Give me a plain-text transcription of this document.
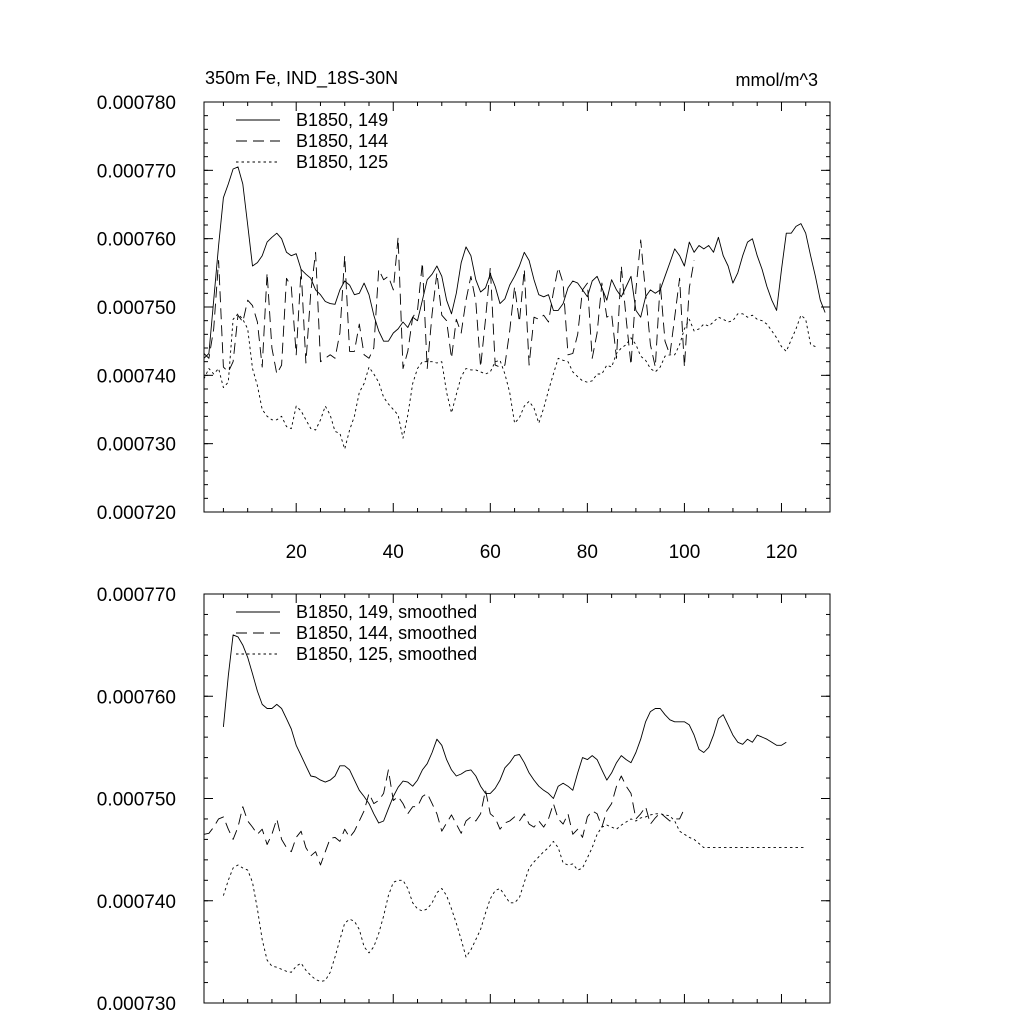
350m Fe, IND_18S-30N	mmol/m^3
0.000720
0.000730
0.000740
0.000750
0.000760
0.000770
0.000780
20	40	60	80	100	120
B1850, 149
B1850, 144
B1850, 125
0.000730
0.000740
0.000750
0.000760
0.000770
B1850, 149, smoothed
B1850, 144, smoothed
B1850, 125, smoothed
